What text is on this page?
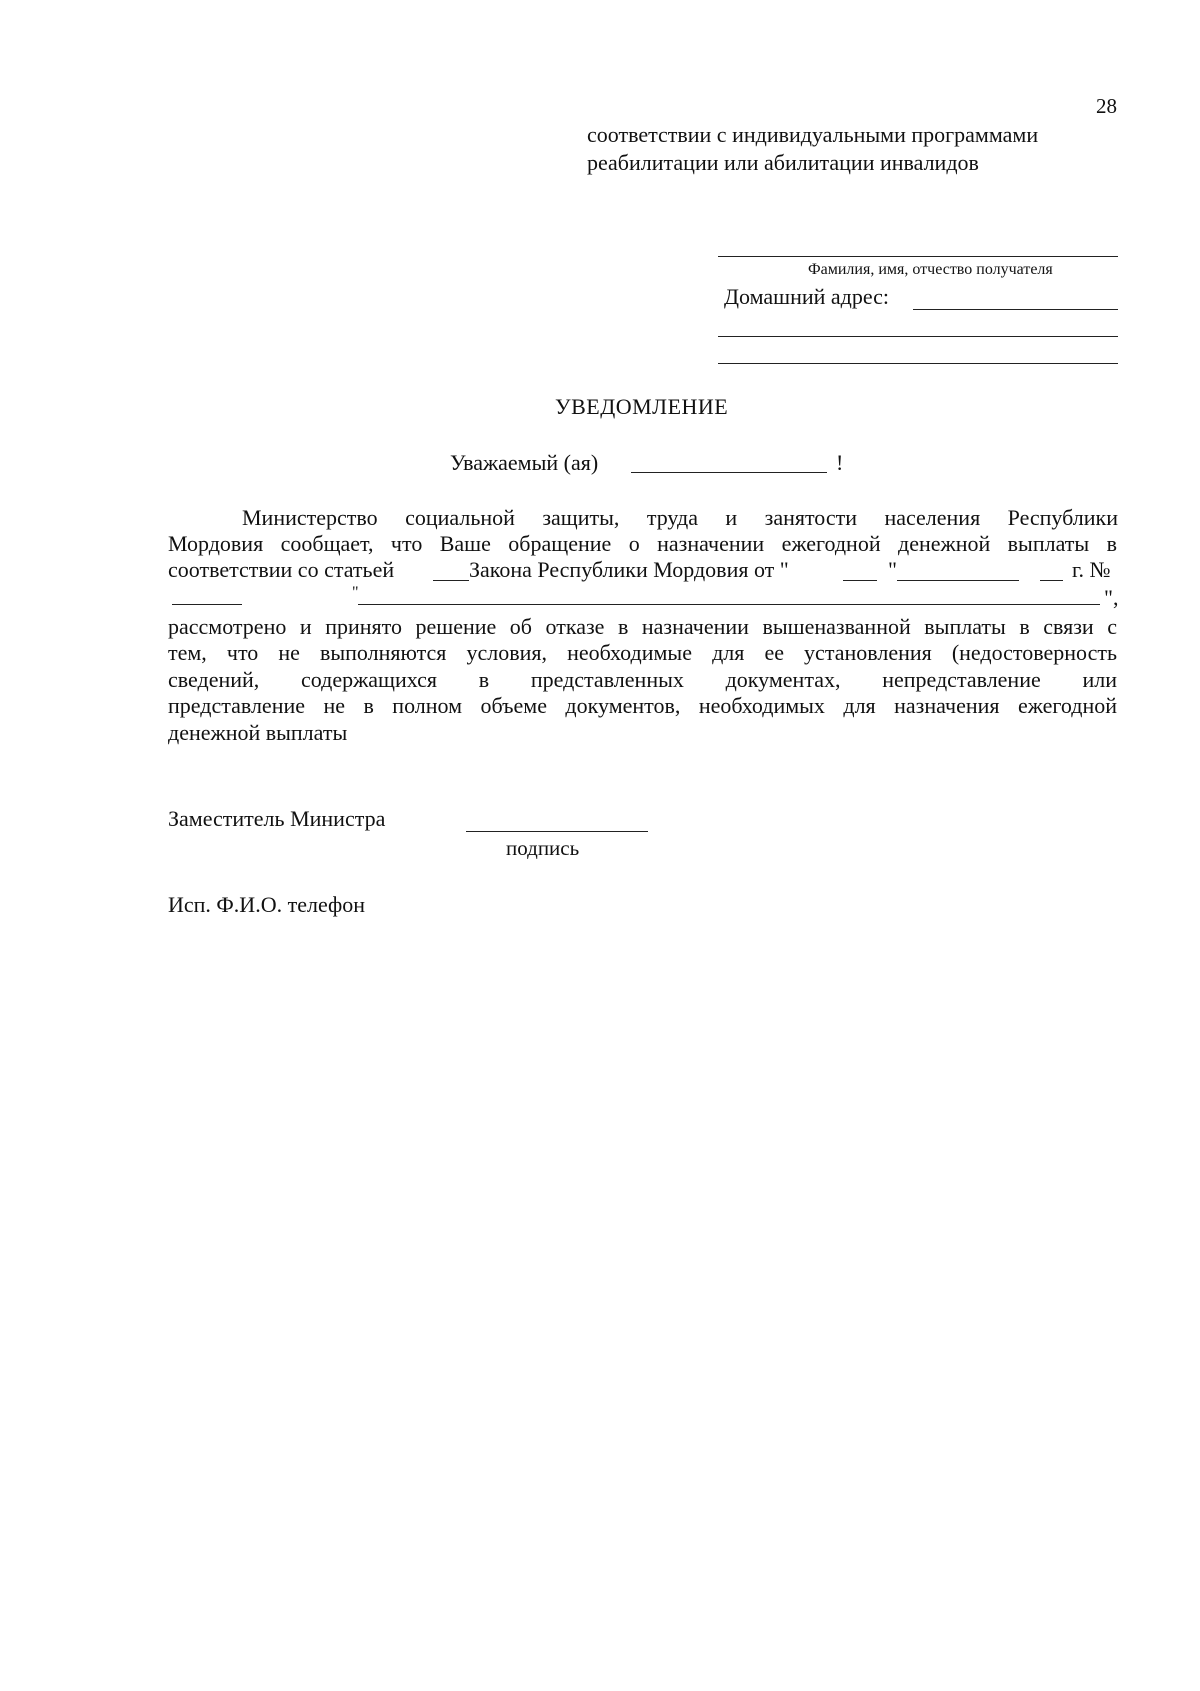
28
соответствии с индивидуальными программами
реабилитации или абилитации инвалидов
Фамилия, имя, отчество получателя
Домашний адрес:
УВЕДОМЛЕНИЕ
Уважаемый (ая)	!
Министерство социальной защиты, труда и занятости населения Республики
Мордовия сообщает, что Ваше обращение о назначении ежегодной денежной выплаты в
соответствии со статьей	Закона Республики Мордовия от "	"	г. №
"	",
рассмотрено и принято решение об отказе в назначении вышеназванной выплаты в связи с
тем, что не выполняются условия, необходимые для ее установления (недостоверность
сведений, содержащихся в представленных документах, непредставление или
представление не в полном объеме документов, необходимых для назначения ежегодной
денежной выплаты
Заместитель Министра
подпись
Исп. Ф.И.О. телефон
